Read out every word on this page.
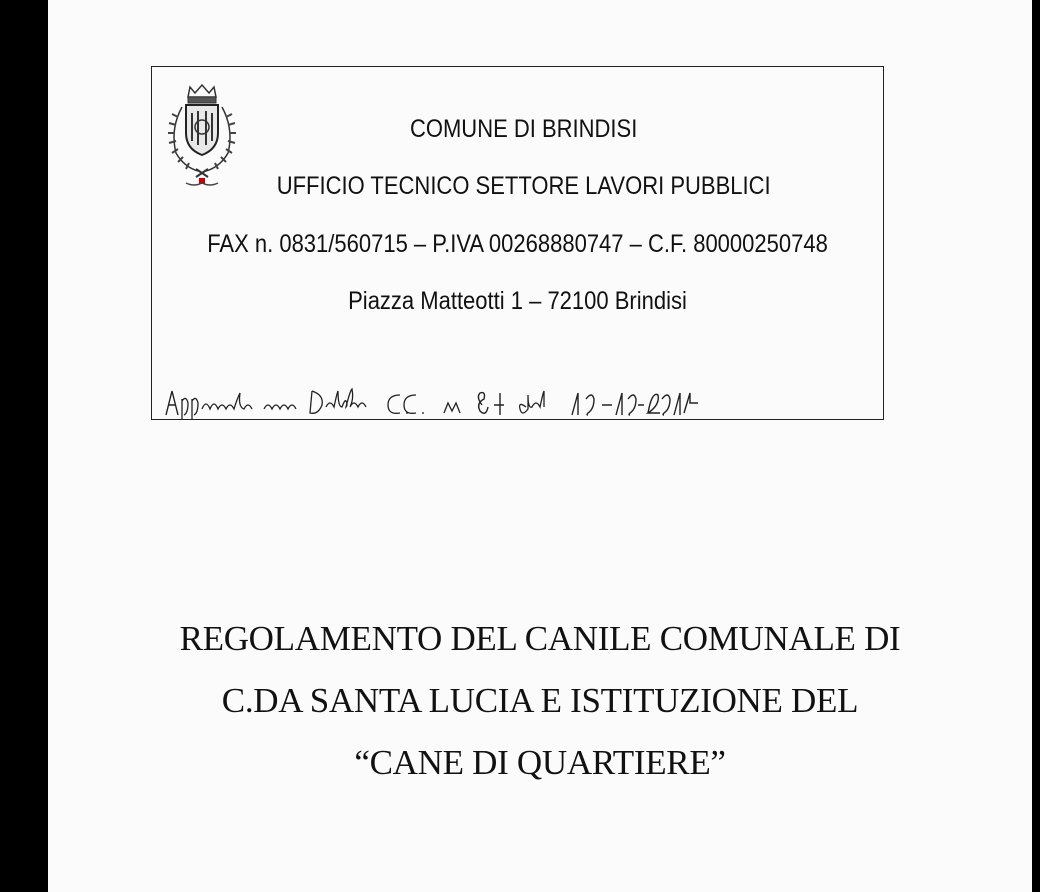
COMUNE DI BRINDISI
UFFICIO TECNICO SETTORE LAVORI PUBBLICI
FAX n. 0831/560715 – P.IVA 00268880747 – C.F. 80000250748
Piazza Matteotti 1 – 72100 Brindisi
REGOLAMENTO DEL CANILE COMUNALE DI
C.DA SANTA LUCIA E ISTITUZIONE DEL
“CANE DI QUARTIERE”
